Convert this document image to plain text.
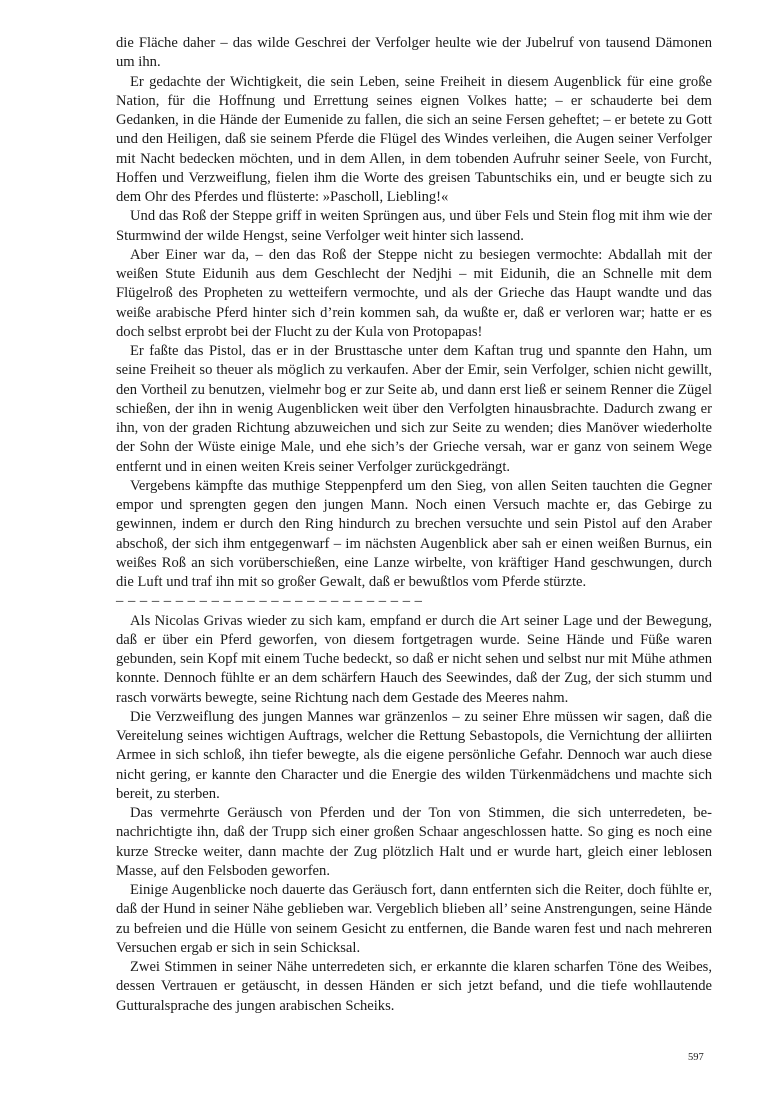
die Fläche daher – das wilde Geschrei der Verfolger heulte wie der Jubelruf von tausend Dämonen um ihn.

Er gedachte der Wichtigkeit, die sein Leben, seine Freiheit in diesem Augenblick für eine große Nation, für die Hoffnung und Errettung seines eignen Volkes hatte; – er schauderte bei dem Gedanken, in die Hände der Eumenide zu fallen, die sich an seine Fersen geheftet; – er betete zu Gott und den Heiligen, daß sie seinem Pferde die Flügel des Windes verleihen, die Augen seiner Verfolger mit Nacht bedecken möchten, und in dem Allen, in dem tobenden Aufruhr seiner Seele, von Furcht, Hoffen und Verzweiflung, fielen ihm die Worte des greisen Tabuntschiks ein, und er beugte sich zu dem Ohr des Pferdes und flüsterte: »Pascholl, Liebling!«

Und das Roß der Steppe griff in weiten Sprüngen aus, und über Fels und Stein flog mit ihm wie der Sturmwind der wilde Hengst, seine Verfolger weit hinter sich lassend.

Aber Einer war da, – den das Roß der Steppe nicht zu besiegen vermochte: Abdallah mit der weißen Stute Eidunih aus dem Geschlecht der Nedjhi – mit Eidunih, die an Schnelle mit dem Flügelroß des Propheten zu wetteifern vermochte, und als der Grieche das Haupt wandte und das weiße arabische Pferd hinter sich d’rein kommen sah, da wußte er, daß er verloren war; hatte er es doch selbst erprobt bei der Flucht zu der Kula von Protopapas!

Er faßte das Pistol, das er in der Brusttasche unter dem Kaftan trug und spannte den Hahn, um seine Freiheit so theuer als möglich zu verkaufen. Aber der Emir, sein Verfolger, schien nicht gewillt, den Vortheil zu benutzen, vielmehr bog er zur Seite ab, und dann erst ließ er seinem Renner die Zügel schießen, der ihn in wenig Augenblicken weit über den Verfolgten hinausbrachte. Dadurch zwang er ihn, von der graden Richtung abzuweichen und sich zur Seite zu wenden; dies Manöver wiederholte der Sohn der Wüste einige Male, und ehe sich’s der Grieche versah, war er ganz von seinem Wege entfernt und in einen weiten Kreis seiner Verfolger zurückgedrängt.

Vergebens kämpfte das muthige Steppenpferd um den Sieg, von allen Seiten tauchten die Gegner empor und sprengten gegen den jungen Mann. Noch einen Versuch machte er, das Gebirge zu gewinnen, indem er durch den Ring hindurch zu brechen versuchte und sein Pistol auf den Araber abschoß, der sich ihm entgegenwarf – im nächsten Augenblick aber sah er einen weißen Burnus, ein weißes Roß an sich vorüberschießen, eine Lanze wirbelte, von kräftiger Hand geschwungen, durch die Luft und traf ihn mit so großer Gewalt, daß er bewußtlos vom Pferde stürzte.

– – – – – – – – – – – – – – – – – – – – – – – – – –

Als Nicolas Grivas wieder zu sich kam, empfand er durch die Art seiner Lage und der Bewegung, daß er über ein Pferd geworfen, von diesem fortgetragen wurde. Seine Hände und Füße waren gebunden, sein Kopf mit einem Tuche bedeckt, so daß er nicht sehen und selbst nur mit Mühe athmen konnte. Dennoch fühlte er an dem schärfern Hauch des Seewindes, daß der Zug, der sich stumm und rasch vorwärts bewegte, seine Richtung nach dem Gestade des Meeres nahm.

Die Verzweiflung des jungen Mannes war gränzenlos – zu seiner Ehre müssen wir sagen, daß die Vereitelung seines wichtigen Auftrags, welcher die Rettung Sebastopols, die Vernichtung der alliirten Armee in sich schloß, ihn tiefer bewegte, als die eigene persönliche Gefahr. Dennoch war auch diese nicht gering, er kannte den Character und die Energie des wilden Türkenmädchens und machte sich bereit, zu sterben.

Das vermehrte Geräusch von Pferden und der Ton von Stimmen, die sich unterredeten, benachrichtigte ihn, daß der Trupp sich einer großen Schaar angeschlossen hatte. So ging es noch eine kurze Strecke weiter, dann machte der Zug plötzlich Halt und er wurde hart, gleich einer leblosen Masse, auf den Felsboden geworfen.

Einige Augenblicke noch dauerte das Geräusch fort, dann entfernten sich die Reiter, doch fühlte er, daß der Hund in seiner Nähe geblieben war. Vergeblich blieben all’ seine Anstrengungen, seine Hände zu befreien und die Hülle von seinem Gesicht zu entfernen, die Bande waren fest und nach mehreren Versuchen ergab er sich in sein Schicksal.

Zwei Stimmen in seiner Nähe unterredeten sich, er erkannte die klaren scharfen Töne des Weibes, dessen Vertrauen er getäuscht, in dessen Händen er sich jetzt befand, und die tiefe wohllautende Gutturalsprache des jungen arabischen Scheiks.

597
